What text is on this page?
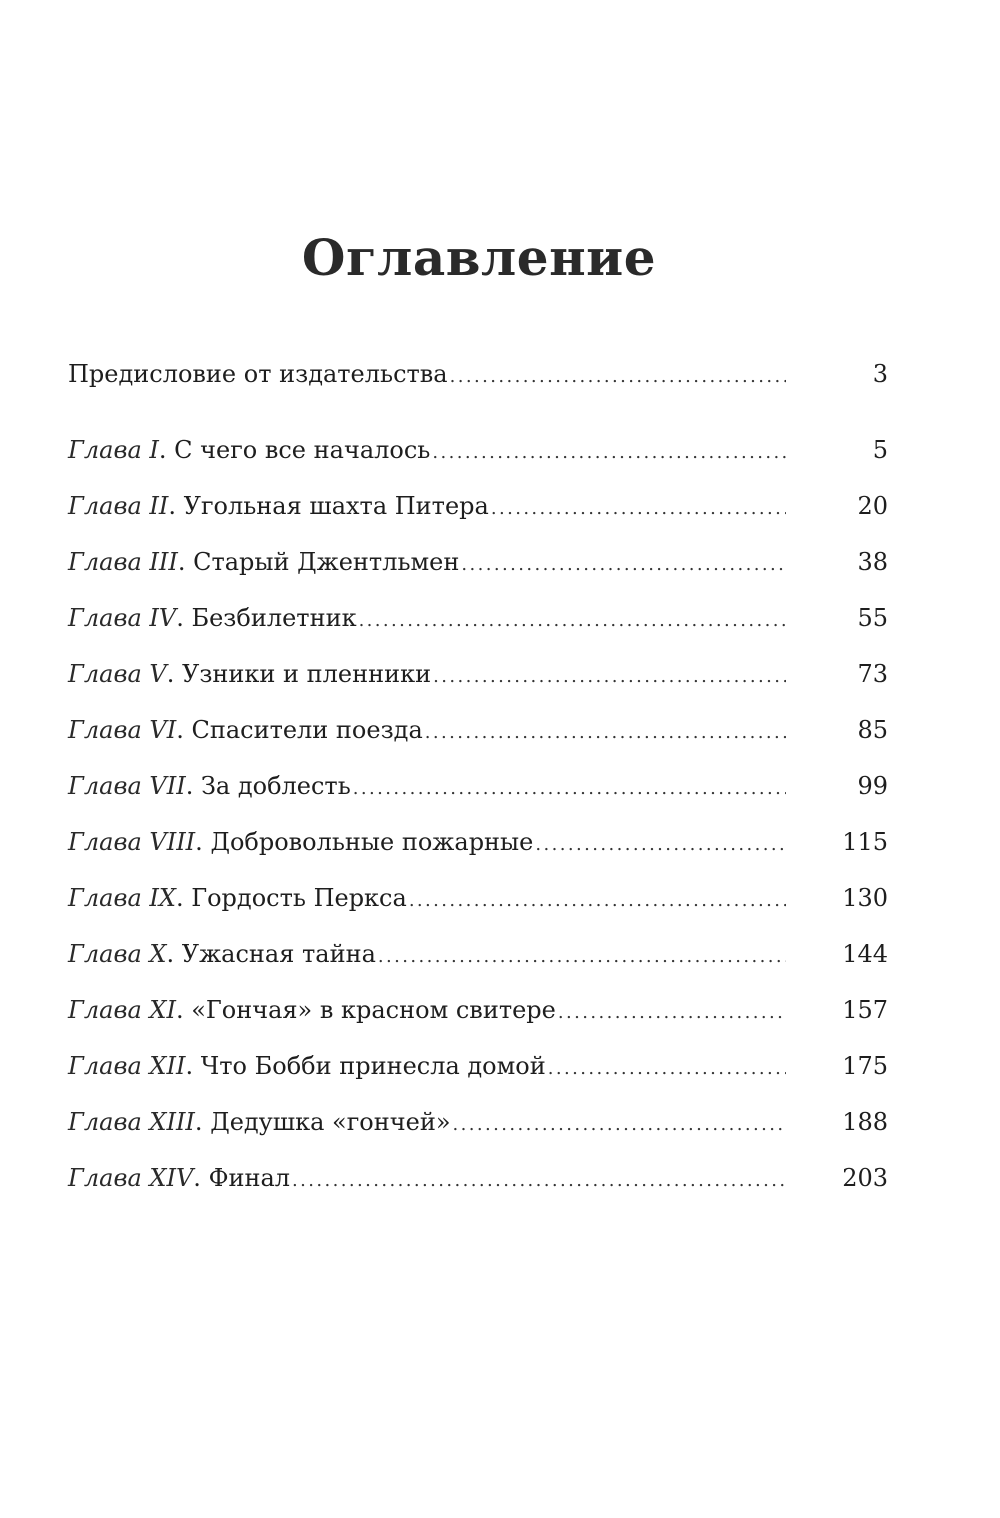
Оглавление
Предисловие от издательства .....	3
Глава I. С чего все началось .....	5
Глава II. Угольная шахта Питера .....	20
Глава III. Старый Джентльмен .....	38
Глава IV. Безбилетник .....	55
Глава V. Узники и пленники .....	73
Глава VI. Спасители поезда .....	85
Глава VII. За доблесть .....	99
Глава VIII. Добровольные пожарные .....	115
Глава IX. Гордость Перкса .....	130
Глава X. Ужасная тайна .....	144
Глава XI. «Гончая» в красном свитере .....	157
Глава XII. Что Бобби принесла домой .....	175
Глава XIII. Дедушка «гончей» .....	188
Глава XIV. Финал .....	203
